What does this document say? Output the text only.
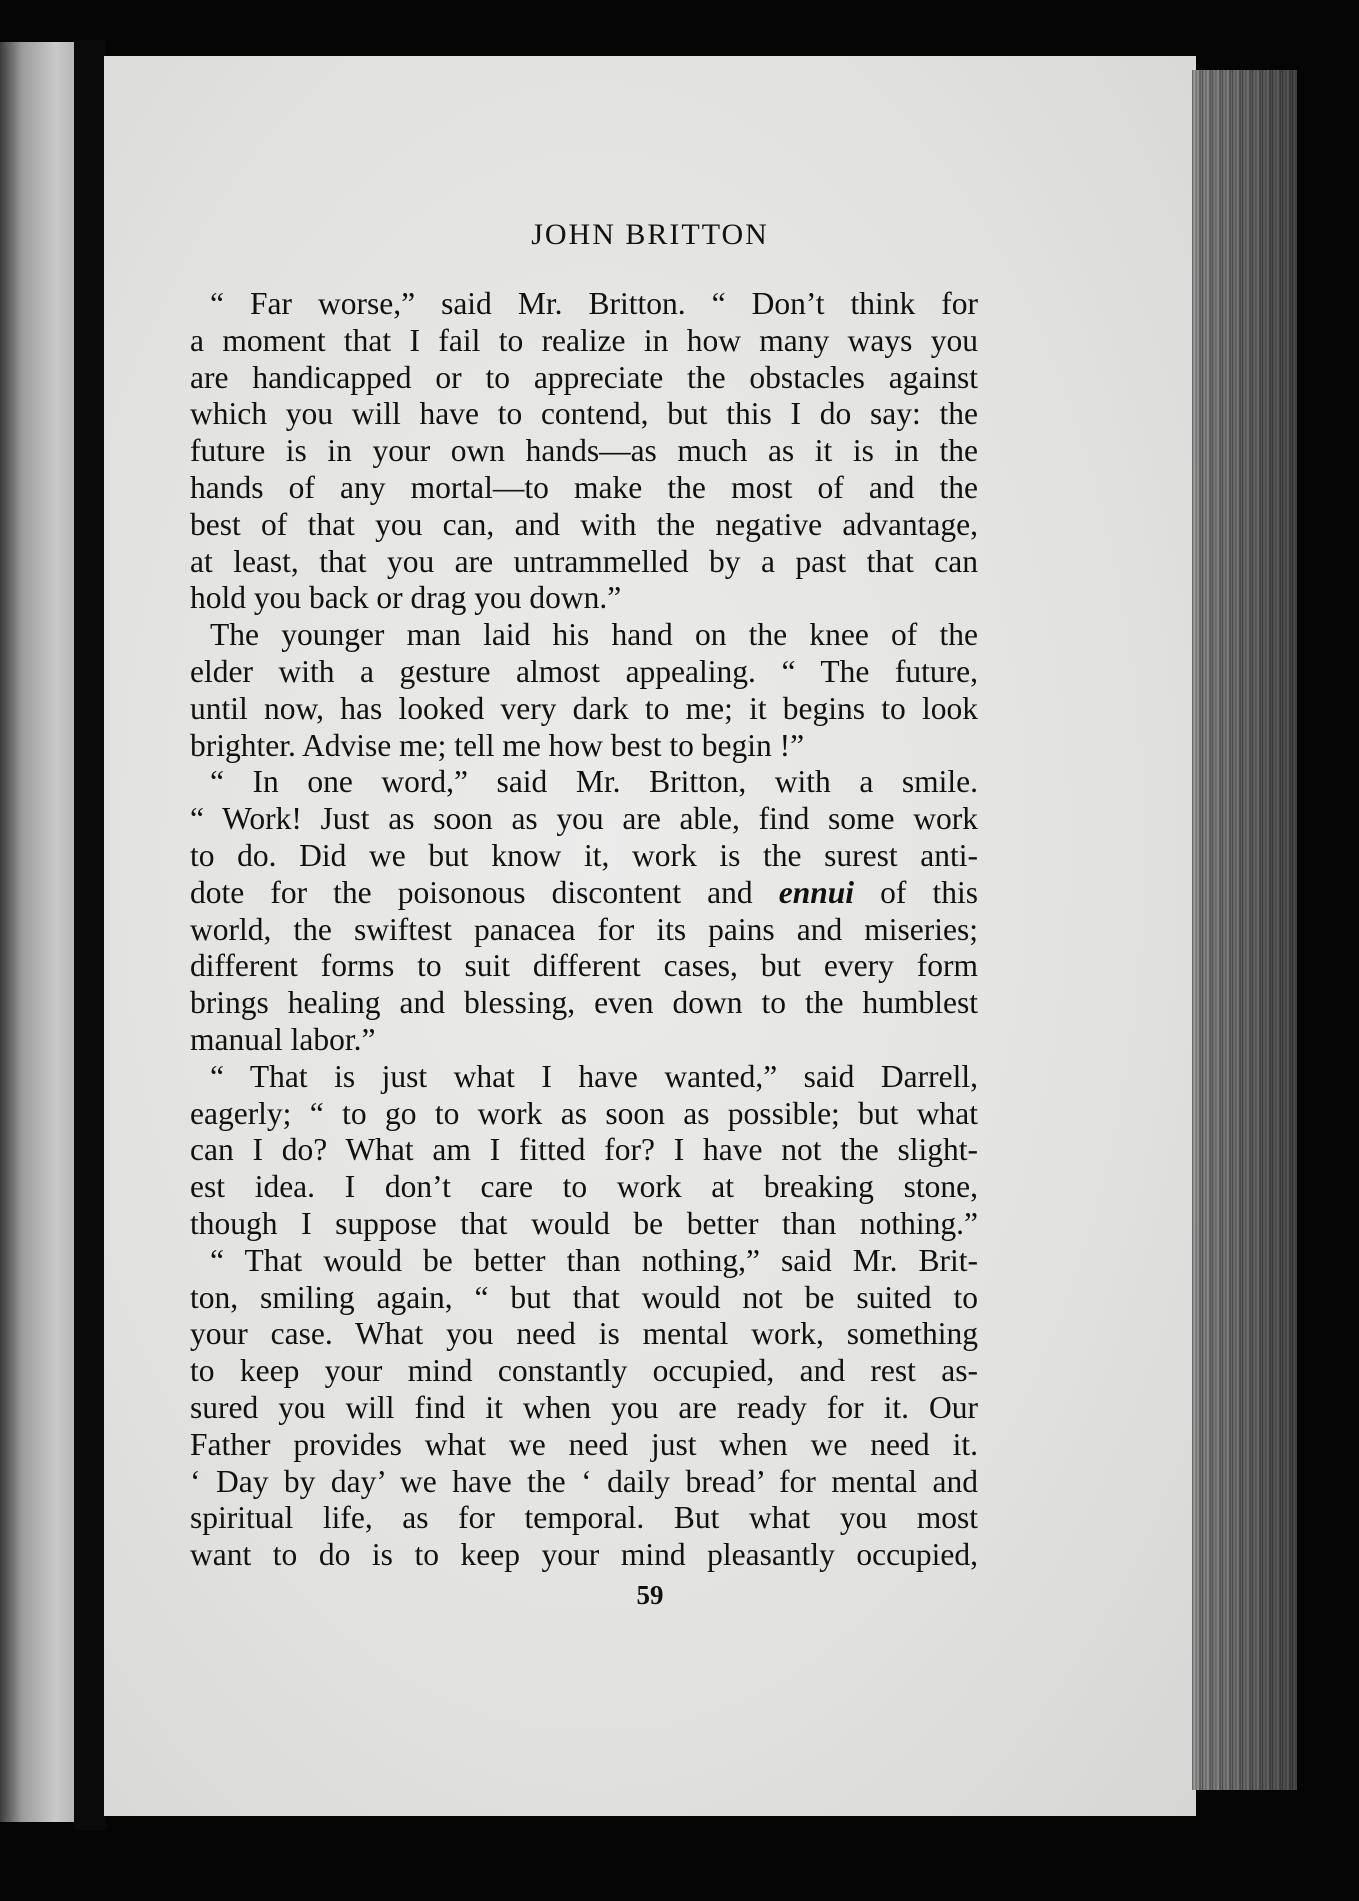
JOHN BRITTON
“ Far worse,” said Mr. Britton. “ Don’t think for
a moment that I fail to realize in how many ways you
are handicapped or to appreciate the obstacles against
which you will have to contend, but this I do say: the
future is in your own hands—as much as it is in the
hands of any mortal—to make the most of and the
best of that you can, and with the negative advantage,
at least, that you are untrammelled by a past that can
hold you back or drag you down.”
The younger man laid his hand on the knee of the
elder with a gesture almost appealing. “ The future,
until now, has looked very dark to me; it begins to look
brighter. Advise me; tell me how best to begin !”
“ In one word,” said Mr. Britton, with a smile.
“ Work! Just as soon as you are able, find some work
to do. Did we but know it, work is the surest anti-
dote for the poisonous discontent and ennui of this
world, the swiftest panacea for its pains and miseries;
different forms to suit different cases, but every form
brings healing and blessing, even down to the humblest
manual labor.”
“ That is just what I have wanted,” said Darrell,
eagerly; “ to go to work as soon as possible; but what
can I do? What am I fitted for? I have not the slight-
est idea. I don’t care to work at breaking stone,
though I suppose that would be better than nothing.”
“ That would be better than nothing,” said Mr. Brit-
ton, smiling again, “ but that would not be suited to
your case. What you need is mental work, something
to keep your mind constantly occupied, and rest as-
sured you will find it when you are ready for it. Our
Father provides what we need just when we need it.
‘ Day by day’ we have the ‘ daily bread’ for mental and
spiritual life, as for temporal. But what you most
want to do is to keep your mind pleasantly occupied,
59
